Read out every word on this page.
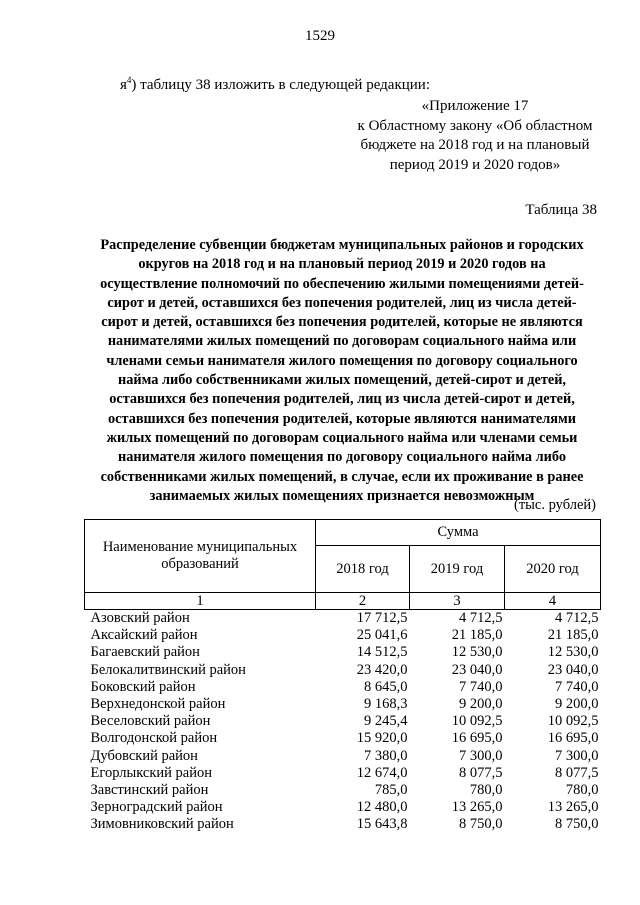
1529
$я^4$) таблицу 38 изложить в следующей редакции:
«Приложение 17
к Областному закону «Об областном
бюджете на 2018 год и на плановый
период 2019 и 2020 годов»
Таблица 38
Распределение субвенции бюджетам муниципальных районов и городских
округов на 2018 год и на плановый период 2019 и 2020 годов на
осуществление полномочий по обеспечению жилыми помещениями детей-
сирот и детей, оставшихся без попечения родителей, лиц из числа детей-
сирот и детей, оставшихся без попечения родителей, которые не являются
нанимателями жилых помещений по договорам социального найма или
членами семьи нанимателя жилого помещения по договору социального
найма либо собственниками жилых помещений, детей-сирот и детей,
оставшихся без попечения родителей, лиц из числа детей-сирот и детей,
оставшихся без попечения родителей, которые являются нанимателями
жилых помещений по договорам социального найма или членами семьи
нанимателя жилого помещения по договору социального найма либо
собственниками жилых помещений, в случае, если их проживание в ранее
занимаемых жилых помещениях признается невозможным
(тыс. рублей)
Наименование муниципальных образований	Сумма		
	2018 год	2019 год	2020 год
1	2	3	4
Азовский район	17 712,5	4 712,5	4 712,5
Аксайский район	25 041,6	21 185,0	21 185,0
Багаевский район	14 512,5	12 530,0	12 530,0
Белокалитвинский район	23 420,0	23 040,0	23 040,0
Боковский район	8 645,0	7 740,0	7 740,0
Верхнедонской район	9 168,3	9 200,0	9 200,0
Веселовский район	9 245,4	10 092,5	10 092,5
Волгодонской район	15 920,0	16 695,0	16 695,0
Дубовский район	7 380,0	7 300,0	7 300,0
Егорлыкский район	12 674,0	8 077,5	8 077,5
Завстинский район	785,0	780,0	780,0
Зерноградский район	12 480,0	13 265,0	13 265,0
Зимовниковский район	15 643,8	8 750,0	8 750,0
